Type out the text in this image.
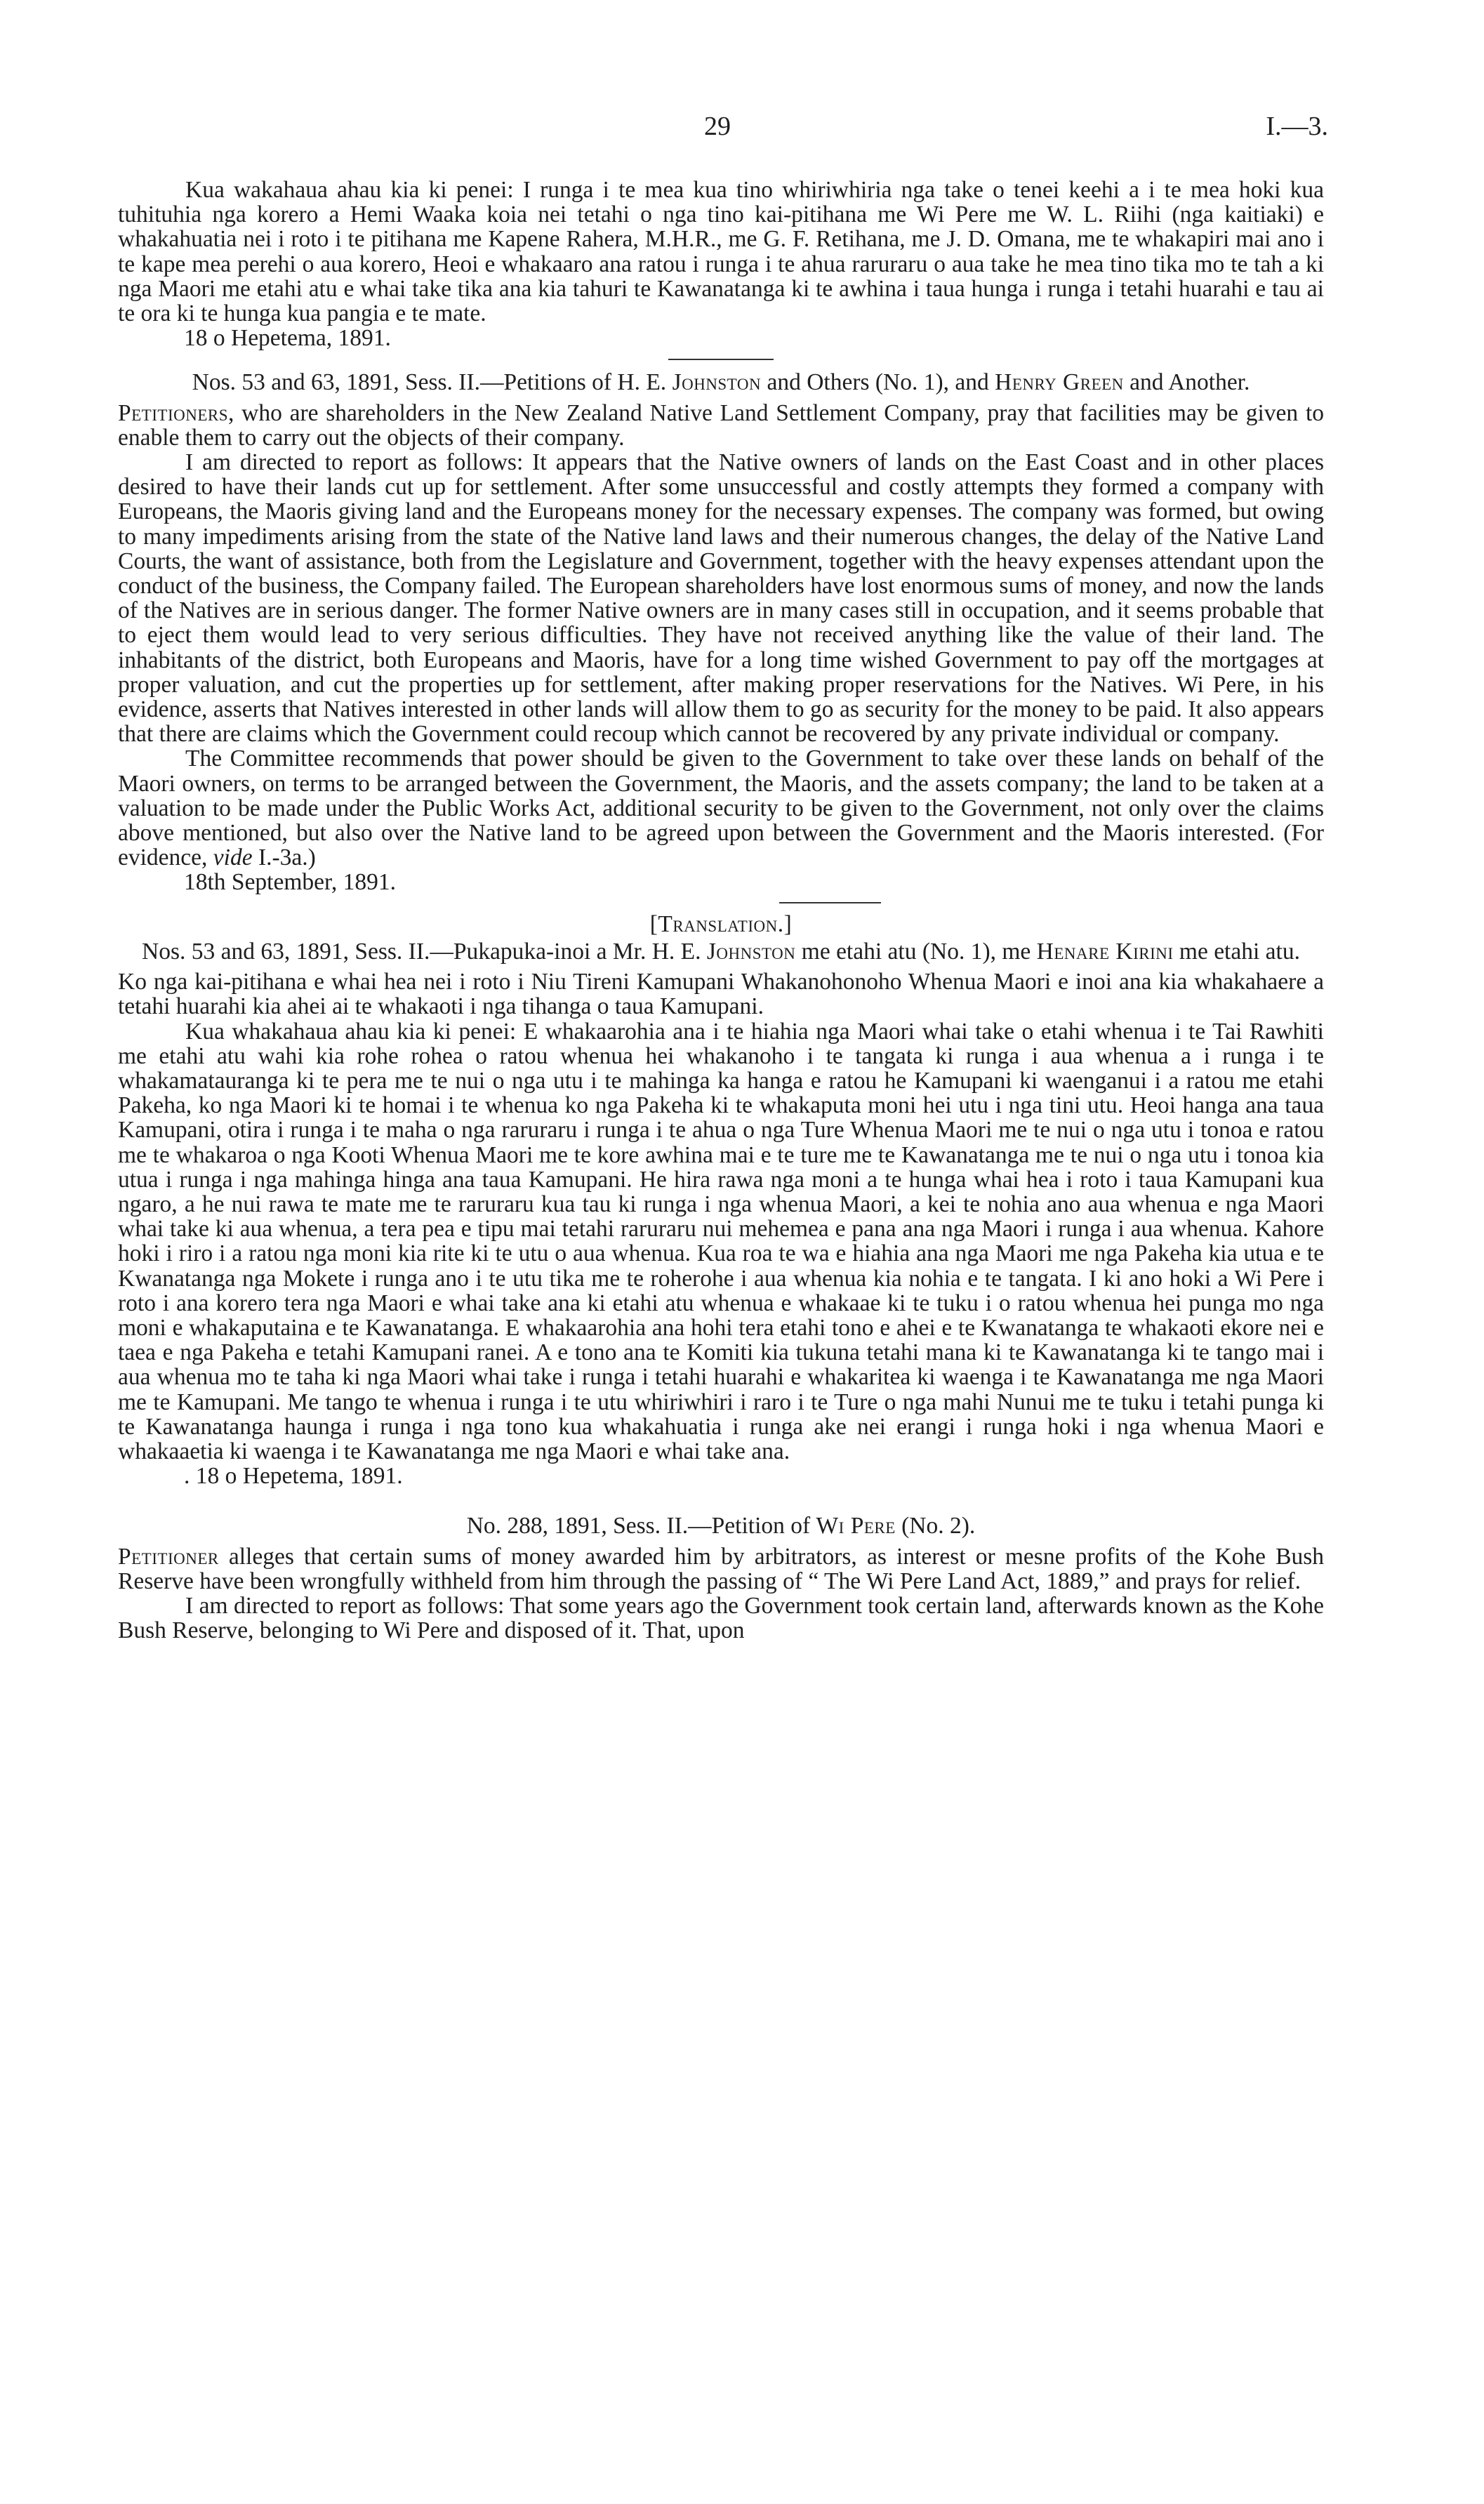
29	I.—3.

Kua wakahaua ahau kia ki penei: I runga i te mea kua tino whiriwhiria nga take o tenei keehi a i te mea hoki kua tuhituhia nga korero a Hemi Waaka koia nei tetahi o nga tino kai-pitihana me Wi Pere me W. L. Riihi (nga kaitiaki) e whakahuatia nei i roto i te pitihana me Kapene Rahera, M.H.R., me G. F. Retihana, me J. D. Omana, me te whakapiri mai ano i te kape mea perehi o aua korero, Heoi e whakaaro ana ratou i runga i te ahua raruraru o aua take he mea tino tika mo te tah a ki nga Maori me etahi atu e whai take tika ana kia tahuri te Kawanatanga ki te awhina i taua hunga i runga i tetahi huarahi e tau ai te ora ki te hunga kua pangia e te mate.

18 o Hepetema, 1891.

Nos. 53 and 63, 1891, Sess. II.—Petitions of H. E. Johnston and Others (No. 1), and Henry Green and Another.

Petitioners, who are shareholders in the New Zealand Native Land Settlement Company, pray that facilities may be given to enable them to carry out the objects of their company.

I am directed to report as follows: It appears that the Native owners of lands on the East Coast and in other places desired to have their lands cut up for settlement. After some unsuccessful and costly attempts they formed a company with Europeans, the Maoris giving land and the Europeans money for the necessary expenses. The company was formed, but owing to many impediments arising from the state of the Native land laws and their numerous changes, the delay of the Native Land Courts, the want of assistance, both from the Legislature and Government, together with the heavy expenses attendant upon the conduct of the business, the Company failed. The European shareholders have lost enormous sums of money, and now the lands of the Natives are in serious danger. The former Native owners are in many cases still in occupation, and it seems probable that to eject them would lead to very serious difficulties. They have not received anything like the value of their land. The inhabitants of the district, both Europeans and Maoris, have for a long time wished Government to pay off the mortgages at proper valuation, and cut the properties up for settlement, after making proper reservations for the Natives. Wi Pere, in his evidence, asserts that Natives interested in other lands will allow them to go as security for the money to be paid. It also appears that there are claims which the Government could recoup which cannot be recovered by any private individual or company.

The Committee recommends that power should be given to the Government to take over these lands on behalf of the Maori owners, on terms to be arranged between the Government, the Maoris, and the assets company; the land to be taken at a valuation to be made under the Public Works Act, additional security to be given to the Government, not only over the claims above mentioned, but also over the Native land to be agreed upon between the Government and the Maoris interested. (For evidence, vide I.-3a.)

18th September, 1891.

[Translation.]

Nos. 53 and 63, 1891, Sess. II.—Pukapuka-inoi a Mr. H. E. Johnston me etahi atu (No. 1), me Henare Kirini me etahi atu.

Ko nga kai-pitihana e whai hea nei i roto i Niu Tireni Kamupani Whakanohonoho Whenua Maori e inoi ana kia whakahaere a tetahi huarahi kia ahei ai te whakaoti i nga tihanga o taua Kamupani.

Kua whakahaua ahau kia ki penei: E whakaarohia ana i te hiahia nga Maori whai take o etahi whenua i te Tai Rawhiti me etahi atu wahi kia rohe rohea o ratou whenua hei whakanoho i te tangata ki runga i aua whenua a i runga i te whakamatauranga ki te pera me te nui o nga utu i te mahinga ka hanga e ratou he Kamupani ki waenganui i a ratou me etahi Pakeha, ko nga Maori ki te homai i te whenua ko nga Pakeha ki te whakaputa moni hei utu i nga tini utu. Heoi hanga ana taua Kamupani, otira i runga i te maha o nga raruraru i runga i te ahua o nga Ture Whenua Maori me te nui o nga utu i tonoa e ratou me te whakaroa o nga Kooti Whenua Maori me te kore awhina mai e te ture me te Kawanatanga me te nui o nga utu i tonoa kia utua i runga i nga mahinga hinga ana taua Kamupani. He hira rawa nga moni a te hunga whai hea i roto i taua Kamupani kua ngaro, a he nui rawa te mate me te raruraru kua tau ki runga i nga whenua Maori, a kei te nohia ano aua whenua e nga Maori whai take ki aua whenua, a tera pea e tipu mai tetahi raruraru nui mehemea e pana ana nga Maori i runga i aua whenua. Kahore hoki i riro i a ratou nga moni kia rite ki te utu o aua whenua. Kua roa te wa e hiahia ana nga Maori me nga Pakeha kia utua e te Kwanatanga nga Mokete i runga ano i te utu tika me te roherohe i aua whenua kia nohia e te tangata. I ki ano hoki a Wi Pere i roto i ana korero tera nga Maori e whai take ana ki etahi atu whenua e whakaae ki te tuku i o ratou whenua hei punga mo nga moni e whakaputaina e te Kawanatanga. E whakaarohia ana hohi tera etahi tono e ahei e te Kwanatanga te whakaoti ekore nei e taea e nga Pakeha e tetahi Kamupani ranei. A e tono ana te Komiti kia tukuna tetahi mana ki te Kawanatanga ki te tango mai i aua whenua mo te taha ki nga Maori whai take i runga i tetahi huarahi e whakaritea ki waenga i te Kawanatanga me nga Maori me te Kamupani. Me tango te whenua i runga i te utu whiriwhiri i raro i te Ture o nga mahi Nunui me te tuku i tetahi punga ki te Kawanatanga haunga i runga i nga tono kua whakahuatia i runga ake nei erangi i runga hoki i nga whenua Maori e whakaaetia ki waenga i te Kawanatanga me nga Maori e whai take ana.

. 18 o Hepetema, 1891.

No. 288, 1891, Sess. II.—Petition of Wi Pere (No. 2).

Petitioner alleges that certain sums of money awarded him by arbitrators, as interest or mesne profits of the Kohe Bush Reserve have been wrongfully withheld from him through the passing of “ The Wi Pere Land Act, 1889,” and prays for relief.

I am directed to report as follows: That some years ago the Government took certain land, afterwards known as the Kohe Bush Reserve, belonging to Wi Pere and disposed of it. That, upon
